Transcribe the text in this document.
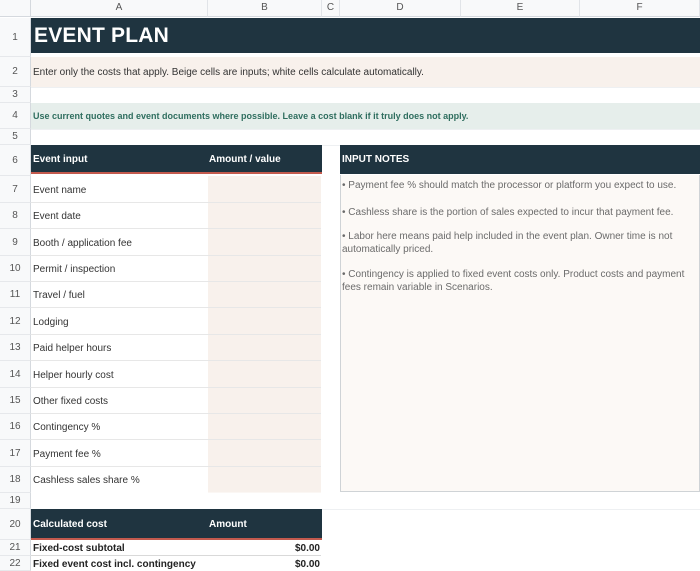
A	B	C	D	E	F
1
2
3
4
5
6
7
8
9
10
11
12
13
14
15
16
17
18
19
20
21
22
EVENT PLAN
Enter only the costs that apply. Beige cells are inputs; white cells calculate automatically.
Use current quotes and event documents where possible. Leave a cost blank if it truly does not apply.
Event input	Amount / value
Event name
Event date
Booth / application fee
Permit / inspection
Travel / fuel
Lodging
Paid helper hours
Helper hourly cost
Other fixed costs
Contingency %
Payment fee %
Cashless sales share %
INPUT NOTES
• Payment fee % should match the processor or platform you expect to use.
• Cashless share is the portion of sales expected to incur that payment fee.
• Labor here means paid help included in the event plan. Owner time is not automatically priced.
• Contingency is applied to fixed event costs only. Product costs and payment fees remain variable in Scenarios.
Calculated cost	Amount
Fixed-cost subtotal	$0.00
Fixed event cost incl. contingency	$0.00
